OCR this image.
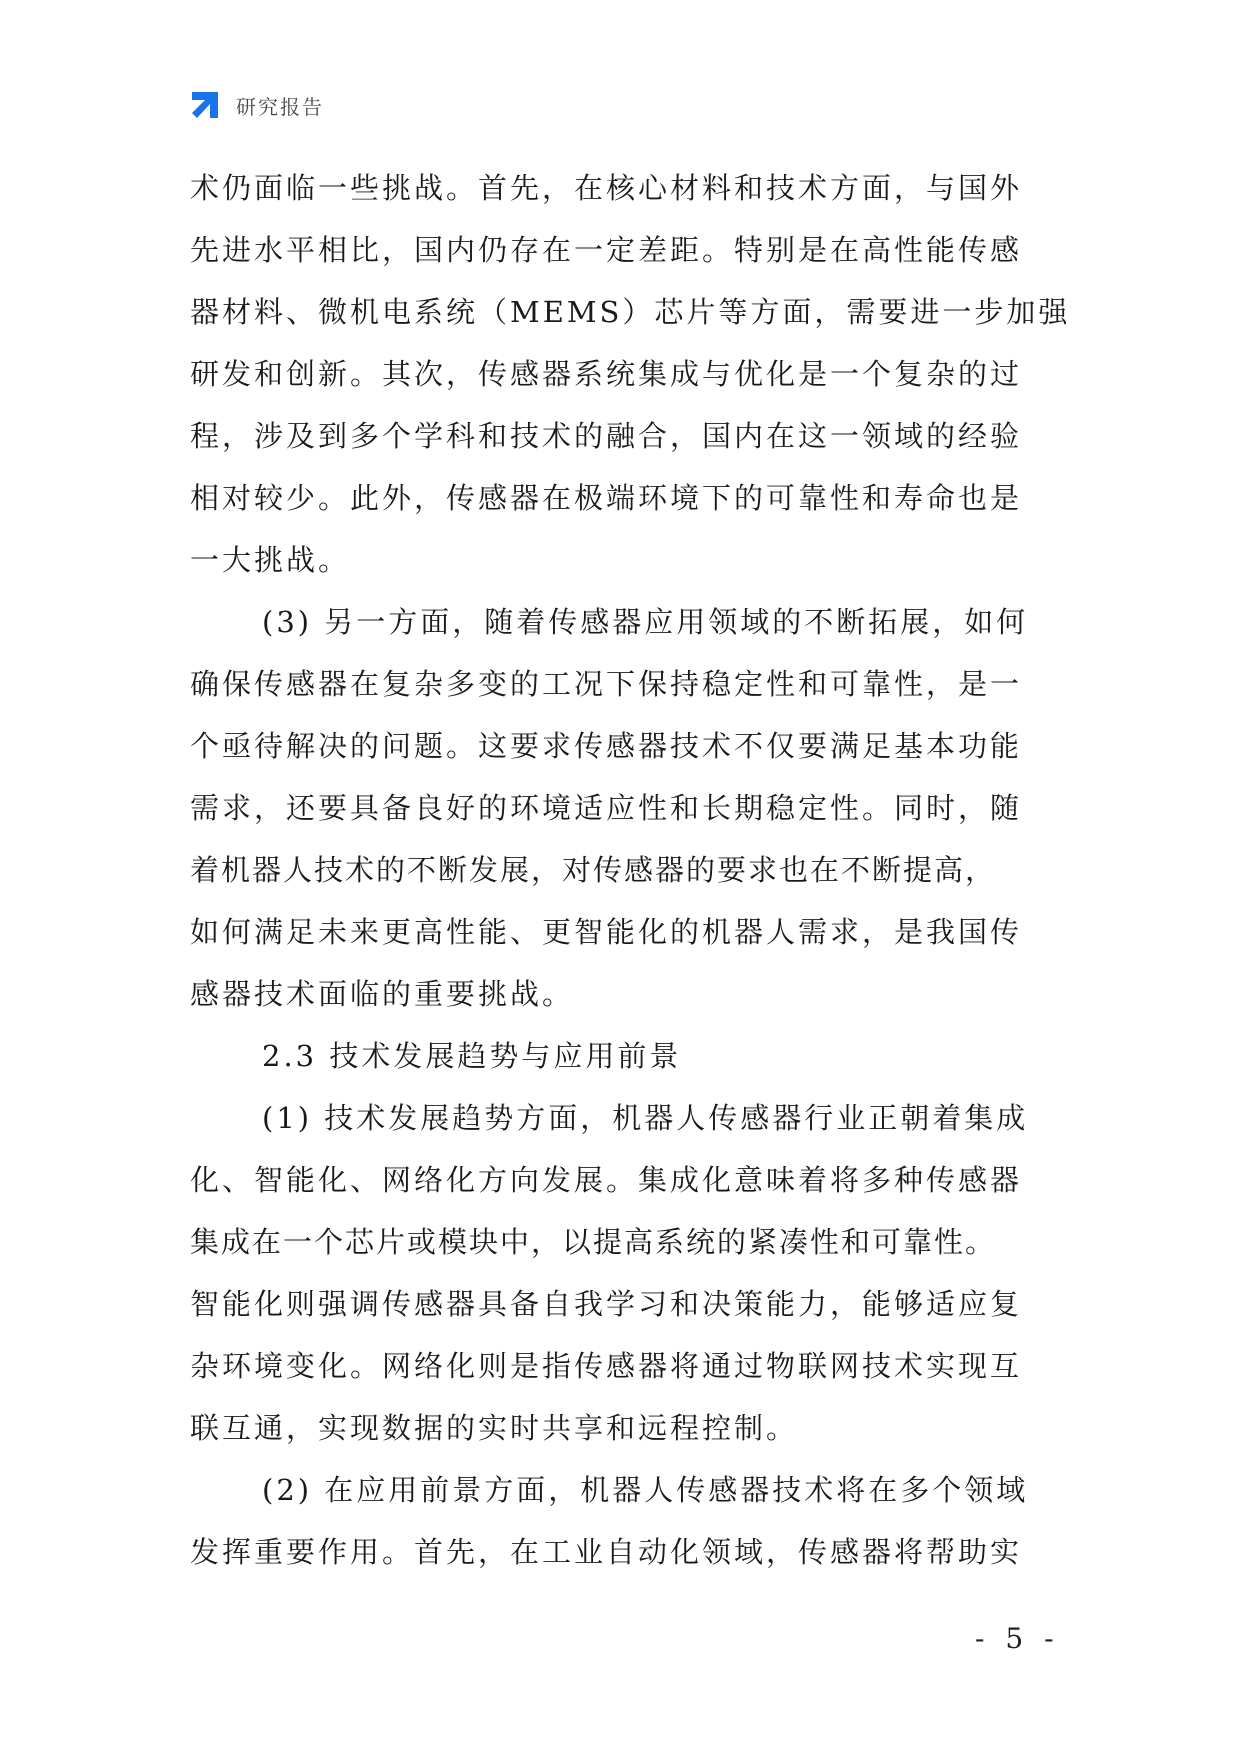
研究报告
术仍面临一些挑战。首先，在核心材料和技术方面，与国外
先进水平相比，国内仍存在一定差距。特别是在高性能传感
器材料、微机电系统（MEMS）芯片等方面，需要进一步加强
研发和创新。其次，传感器系统集成与优化是一个复杂的过
程，涉及到多个学科和技术的融合，国内在这一领域的经验
相对较少。此外，传感器在极端环境下的可靠性和寿命也是
一大挑战。
(3) 另一方面，随着传感器应用领域的不断拓展，如何
确保传感器在复杂多变的工况下保持稳定性和可靠性，是一
个亟待解决的问题。这要求传感器技术不仅要满足基本功能
需求，还要具备良好的环境适应性和长期稳定性。同时，随
着机器人技术的不断发展，对传感器的要求也在不断提高，
如何满足未来更高性能、更智能化的机器人需求，是我国传
感器技术面临的重要挑战。
2.3 技术发展趋势与应用前景
(1) 技术发展趋势方面，机器人传感器行业正朝着集成
化、智能化、网络化方向发展。集成化意味着将多种传感器
集成在一个芯片或模块中，以提高系统的紧凑性和可靠性。
智能化则强调传感器具备自我学习和决策能力，能够适应复
杂环境变化。网络化则是指传感器将通过物联网技术实现互
联互通，实现数据的实时共享和远程控制。
(2) 在应用前景方面，机器人传感器技术将在多个领域
发挥重要作用。首先，在工业自动化领域，传感器将帮助实
- 5 -
